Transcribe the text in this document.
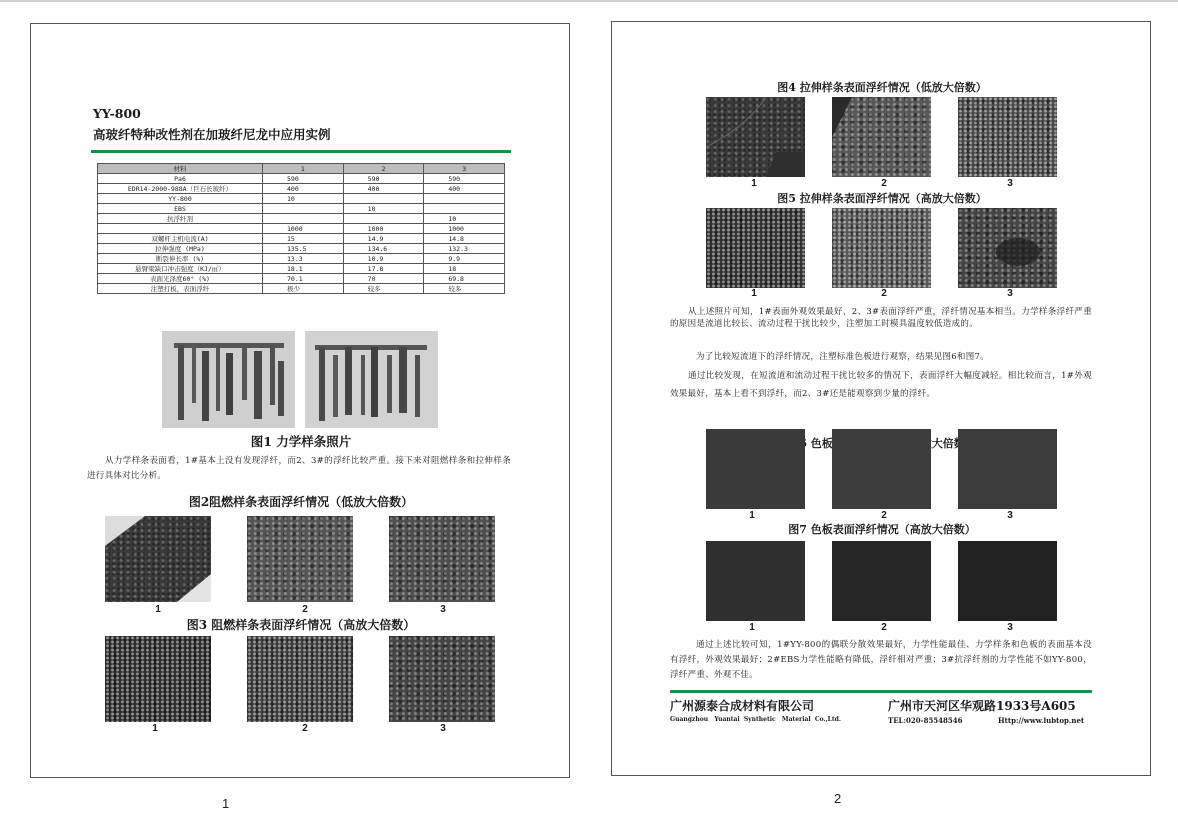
YY-800
高玻纤特种改性剂在加玻纤尼龙中应用实例
材料	1	2	3
Pa6	590	590	590
EDR14-2000-988A（巨石长玻纤）	400	400	400
YY-800	10		
EBS		10	
抗浮纤剂			10
	1000	1000	1000
双螺杆主机电流(A)	15	14.9	14.8
拉伸强度 (MPa)	135.5	134.6	132.3
断裂伸长率 (%)	13.3	10.9	9.9
悬臂梁缺口冲击强度（KJ/㎡）	18.1	17.8	18
表面光泽度60° (%)	70.1	70	69.8
注塑打板，表面浮纤	极少	较多	较多
图1 力学样条照片
从力学样条表面看，1#基本上没有发现浮纤，而2、3#的浮纤比较严重。接下来对阻燃样条和拉伸样条进行具体对比分析。
图2阻燃样条表面浮纤情况（低放大倍数）
1	2	3
图3 阻燃样条表面浮纤情况（高放大倍数）
1	2	3
1
图4 拉伸样条表面浮纤情况（低放大倍数）
1	2	3
图5 拉伸样条表面浮纤情况（高放大倍数）
1	2	3
从上述照片可知，1#表面外观效果最好，2、3#表面浮纤严重，浮纤情况基本相当。力学样条浮纤严重的原因是流道比较长、流动过程干扰比较少，注塑加工时模具温度较低造成的。
为了比较短流道下的浮纤情况，注塑标准色板进行观察，结果见图6和图7。
通过比较发现，在短流道和流动过程干扰比较多的情况下，表面浮纤大幅度减轻。相比较而言，1#外观效果最好，基本上看不到浮纤，而2、3#还是能观察到少量的浮纤。
1	2	3
图7 色板表面浮纤情况（高放大倍数）
1	2	3
通过上述比较可知，1#YY-800的偶联分散效果最好，力学性能最佳、力学样条和色板的表面基本没有浮纤，外观效果最好；2#EBS力学性能略有降低，浮纤相对严重；3#抗浮纤剂的力学性能不如YY-800，浮纤严重、外观不佳。
广州源泰合成材料有限公司
Guangzhou   Yuantai  Synthetic   Material  Co.,Ltd.
广州市天河区华观路1933号A605
TEL:020-85548546	Http://www.lubtop.net
2
